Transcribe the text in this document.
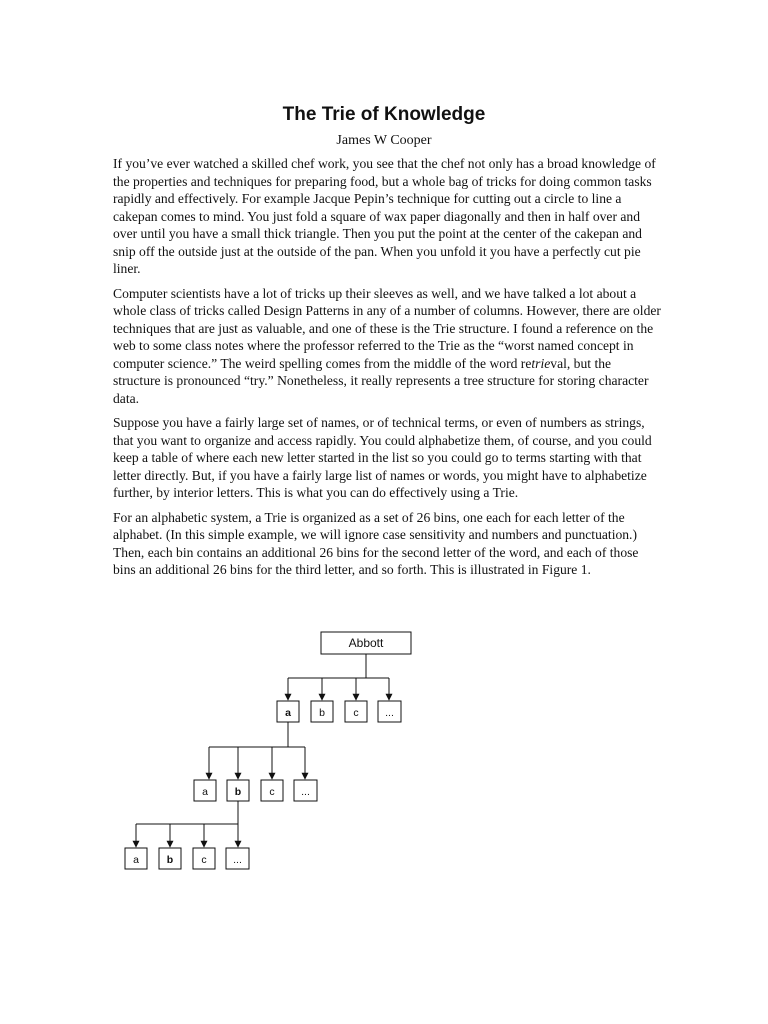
The Trie of Knowledge
James W Cooper

If you’ve ever watched a skilled chef work, you see that the chef not only has a broad knowledge of the properties and techniques for preparing food, but a whole bag of tricks for doing common tasks rapidly and effectively. For example Jacque Pepin’s technique for cutting out a circle to line a cakepan comes to mind. You just fold a square of wax paper diagonally and then in half over and over until you have a small thick triangle. Then you put the point at the center of the cakepan and snip off the outside just at the outside of the pan. When you unfold it you have a perfectly cut pie liner.

Computer scientists have a lot of tricks up their sleeves as well, and we have talked a lot about a whole class of tricks called Design Patterns in any of a number of columns. However, there are older techniques that are just as valuable, and one of these is the Trie structure. I found a reference on the web to some class notes where the professor referred to the Trie as the “worst named concept in computer science.” The weird spelling comes from the middle of the word retrieval, but the structure is pronounced “try.” Nonetheless, it really represents a tree structure for storing character data.

Suppose you have a fairly large set of names, or of technical terms, or even of numbers as strings, that you want to organize and access rapidly. You could alphabetize them, of course, and you could keep a table of where each new letter started in the list so you could go to terms starting with that letter directly. But, if you have a fairly large list of names or words, you might have to alphabetize further, by interior letters. This is what you can do effectively using a Trie.

For an alphabetic system, a Trie is organized as a set of 26 bins, one each for each letter of the alphabet. (In this simple example, we will ignore case sensitivity and numbers and punctuation.) Then, each bin contains an additional 26 bins for the second letter of the word, and each of those bins an additional 26 bins for the third letter, and so forth. This is illustrated in Figure 1.

Abbott
a	b	c	...
a	b	c	...
a	b	c	...
